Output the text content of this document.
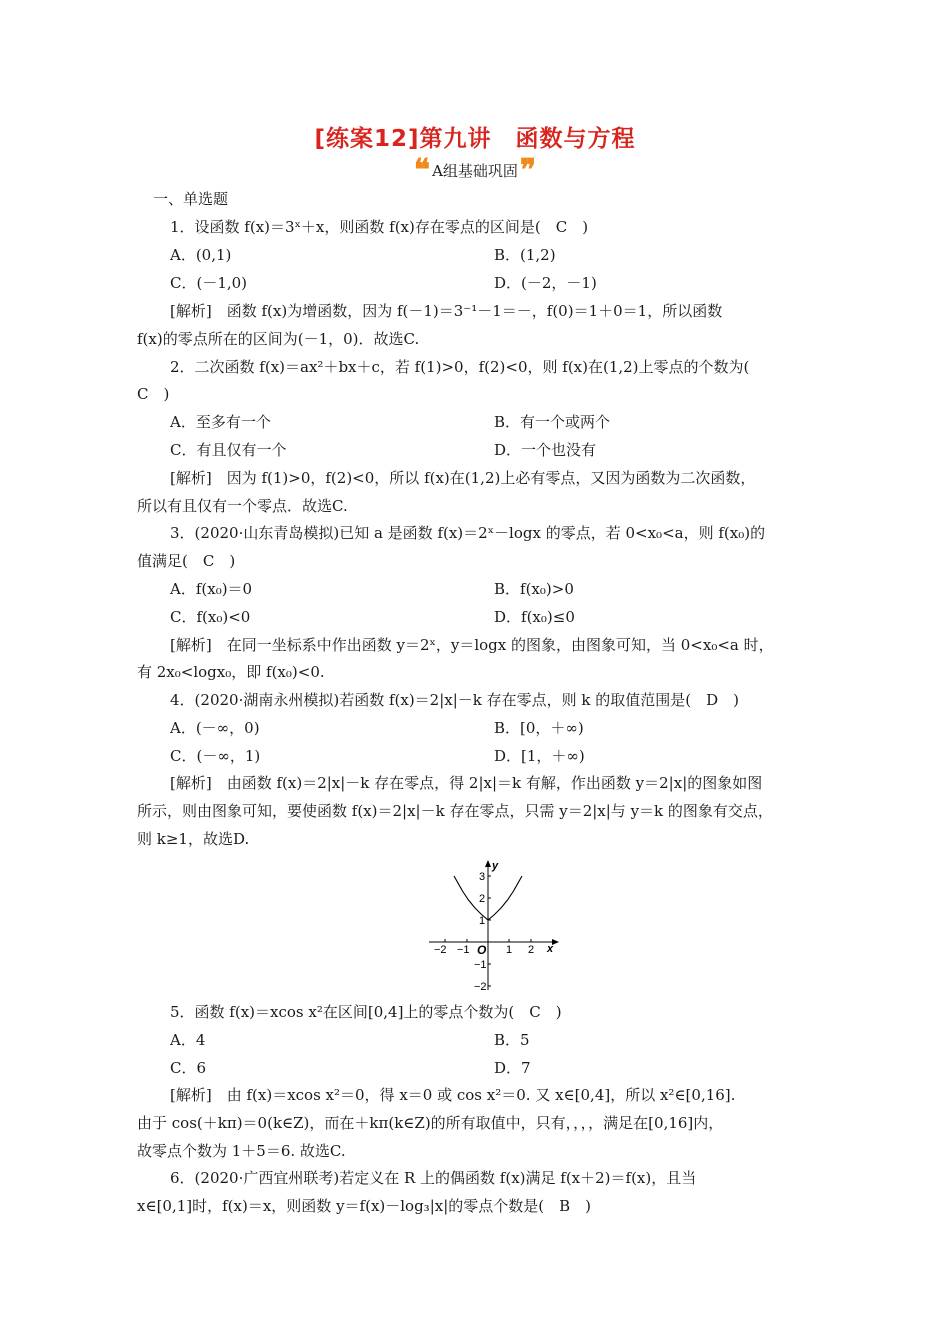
[练案12]第九讲　函数与方程
❝ A组基础巩固 ❞
一、单选题
1．设函数 f(x)＝3ˣ＋x，则函数 f(x)存在零点的区间是(　C　)
A．(0,1)	B．(1,2)
C．(－1,0)	D．(－2，－1)
[解析]　函数 f(x)为增函数，因为 f(－1)＝3⁻¹－1＝－，f(0)＝1＋0＝1，所以函数
f(x)的零点所在的区间为(－1，0)．故选C.
2．二次函数 f(x)＝ax²＋bx＋c，若 f(1)>0，f(2)<0，则 f(x)在(1,2)上零点的个数为(
C　)
A．至多有一个	B．有一个或两个
C．有且仅有一个	D．一个也没有
[解析]　因为 f(1)>0，f(2)<0，所以 f(x)在(1,2)上必有零点，又因为函数为二次函数，
所以有且仅有一个零点．故选C.
3．(2020·山东青岛模拟)已知 a 是函数 f(x)＝2ˣ－logx 的零点，若 0<x₀<a，则 f(x₀)的
值满足(　C　)
A．f(x₀)＝0	B．f(x₀)>0
C．f(x₀)<0	D．f(x₀)≤0
[解析]　在同一坐标系中作出函数 y＝2ˣ，y＝logx 的图象，由图象可知，当 0<x₀<a 时，
有 2x₀<logx₀，即 f(x₀)<0.
4．(2020·湖南永州模拟)若函数 f(x)＝2|x|－k 存在零点，则 k 的取值范围是(　D　)
A．(－∞，0)	B．[0，＋∞)
C．(－∞，1)	D．[1，＋∞)
[解析]　由函数 f(x)＝2|x|－k 存在零点，得 2|x|＝k 有解，作出函数 y＝2|x|的图象如图
所示，则由图象可知，要使函数 f(x)＝2|x|－k 存在零点，只需 y＝2|x|与 y＝k 的图象有交点，
则 k≥1，故选D.
−2 −1	1 2
3
2
1
−1
−2
O	x
y
5．函数 f(x)＝xcos x²在区间[0,4]上的零点个数为(　C　)
A．4	B．5
C．6	D．7
[解析]　由 f(x)＝xcos x²＝0，得 x＝0 或 cos x²＝0. 又 x∈[0,4]，所以 x²∈[0,16].
由于 cos(＋kπ)＝0(k∈Z)，而在＋kπ(k∈Z)的所有取值中，只有，，，，满足在[0,16]内，
故零点个数为 1＋5＝6. 故选C.
6．(2020·广西宜州联考)若定义在 R 上的偶函数 f(x)满足 f(x＋2)＝f(x)，且当
x∈[0,1]时，f(x)＝x，则函数 y＝f(x)－log₃|x|的零点个数是(　B　)
